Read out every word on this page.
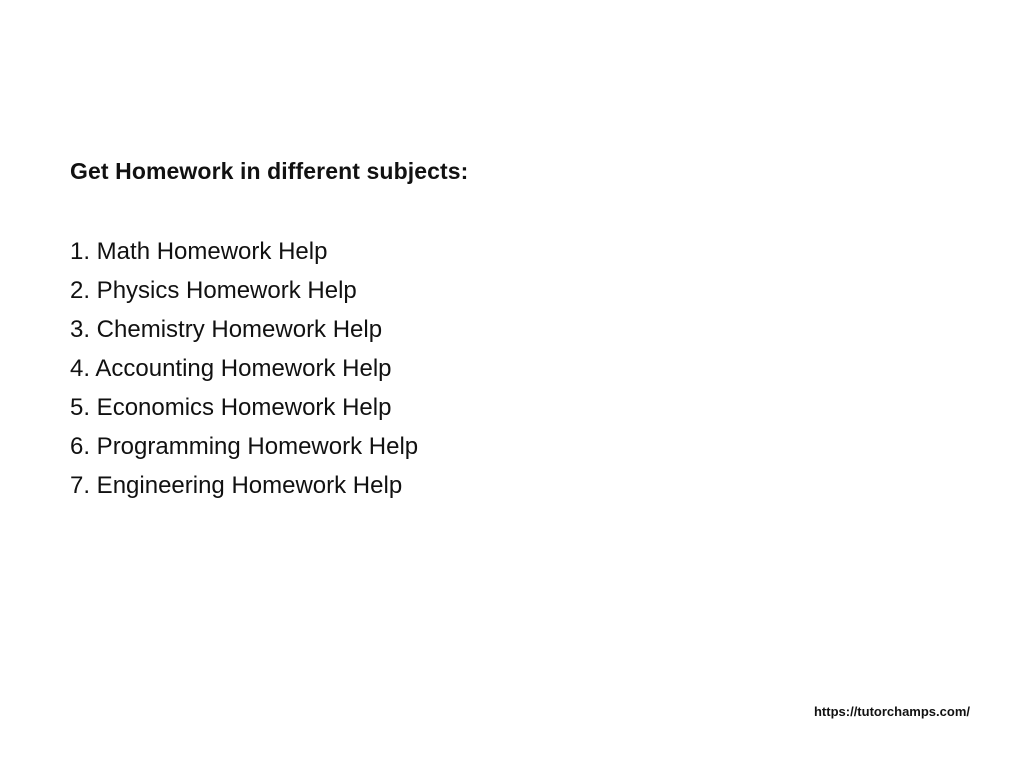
Get Homework in different subjects:
1. Math Homework Help
2. Physics Homework Help
3. Chemistry Homework Help
4. Accounting Homework Help
5. Economics Homework Help
6. Programming Homework Help
7. Engineering Homework Help
https://tutorchamps.com/
